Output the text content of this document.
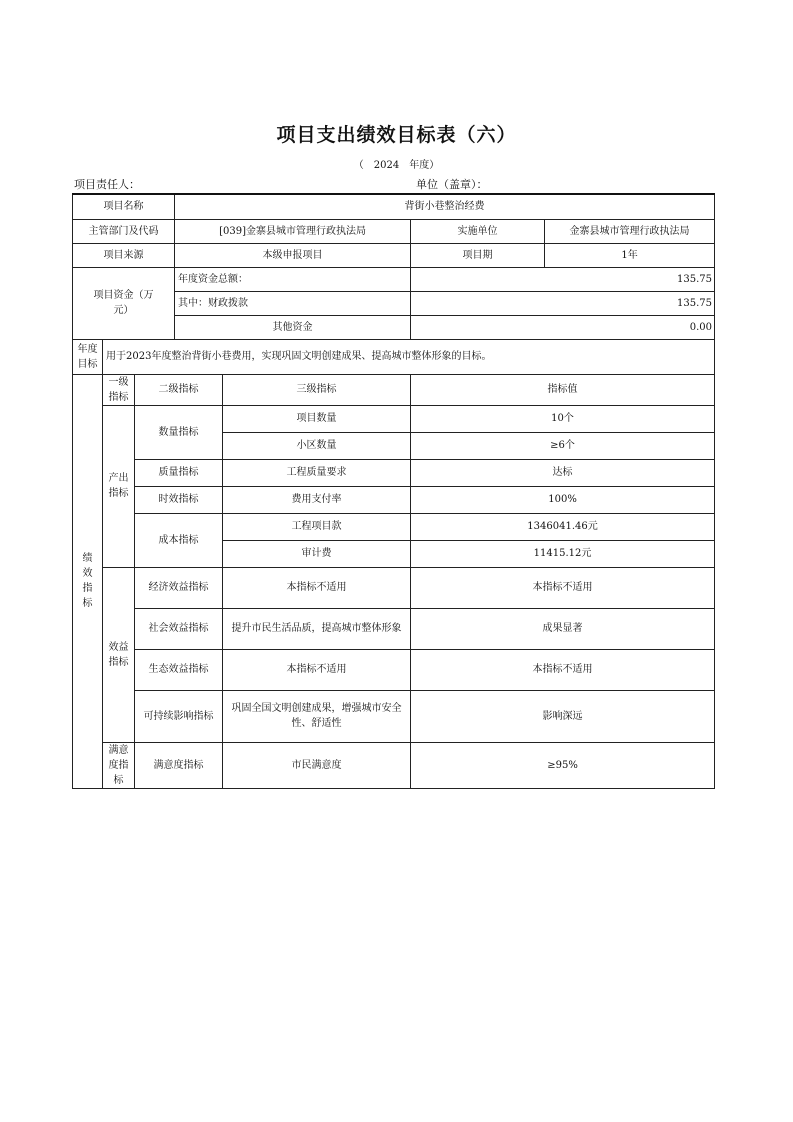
项目支出绩效目标表（六）
（　2024　年度）
项目责任人：	单位（盖章）：
项目名称			背街小巷整治经费			
主管部门及代码			[039]金寨县城市管理行政执法局		实施单位	金寨县城市管理行政执法局
项目来源			本级申报项目		项目期	1年
项目资金（万元）			年度资金总额：		135.75	
			其中：财政拨款		135.75	
			其他资金		0.00	
年度目标	用于2023年度整治背街小巷费用，实现巩固文明创建成果、提高城市整体形象的目标。					
绩效指标	一级指标	二级指标		三级指标	指标值	
	产出指标	数量指标		项目数量	10个	
				小区数量	≥6个	
		质量指标		工程质量要求	达标	
		时效指标		费用支付率	100%	
		成本指标		工程项目款	1346041.46元	
				审计费	11415.12元	
	效益指标	经济效益指标		本指标不适用	本指标不适用	
		社会效益指标		提升市民生活品质，提高城市整体形象	成果显著	
		生态效益指标		本指标不适用	本指标不适用	
		可持续影响指标		巩固全国文明创建成果，增强城市安全性、舒适性	影响深远	
	满意度指标	满意度指标		市民满意度	≥95%	
